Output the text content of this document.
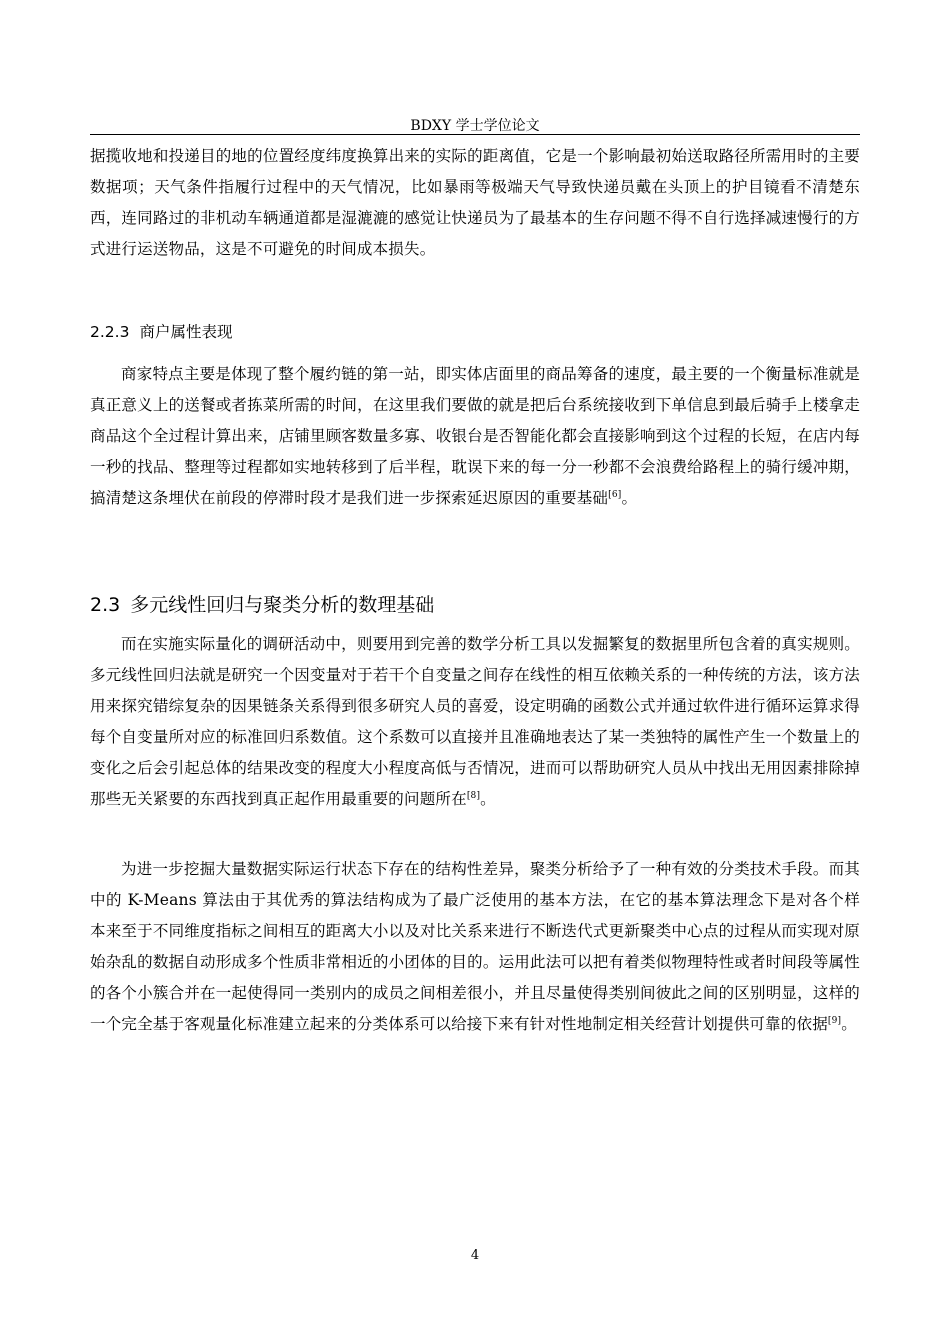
BDXY 学士学位论文
据揽收地和投递目的地的位置经度纬度换算出来的实际的距离值，它是一个影响最初始送取路径所需用时的主要数据项；天气条件指履行过程中的天气情况，比如暴雨等极端天气导致快递员戴在头顶上的护目镜看不清楚东西，连同路过的非机动车辆通道都是湿漉漉的感觉让快递员为了最基本的生存问题不得不自行选择减速慢行的方式进行运送物品，这是不可避免的时间成本损失。
2.2.3 商户属性表现
商家特点主要是体现了整个履约链的第一站，即实体店面里的商品筹备的速度，最主要的一个衡量标准就是真正意义上的送餐或者拣菜所需的时间，在这里我们要做的就是把后台系统接收到下单信息到最后骑手上楼拿走商品这个全过程计算出来，店铺里顾客数量多寡、收银台是否智能化都会直接影响到这个过程的长短，在店内每一秒的找品、整理等过程都如实地转移到了后半程，耽误下来的每一分一秒都不会浪费给路程上的骑行缓冲期，搞清楚这条埋伏在前段的停滞时段才是我们进一步探索延迟原因的重要基础[6]。
2.3 多元线性回归与聚类分析的数理基础
而在实施实际量化的调研活动中，则要用到完善的数学分析工具以发掘繁复的数据里所包含着的真实规则。多元线性回归法就是研究一个因变量对于若干个自变量之间存在线性的相互依赖关系的一种传统的方法，该方法用来探究错综复杂的因果链条关系得到很多研究人员的喜爱，设定明确的函数公式并通过软件进行循环运算求得每个自变量所对应的标准回归系数值。这个系数可以直接并且准确地表达了某一类独特的属性产生一个数量上的变化之后会引起总体的结果改变的程度大小程度高低与否情况，进而可以帮助研究人员从中找出无用因素排除掉那些无关紧要的东西找到真正起作用最重要的问题所在[8]。
为进一步挖掘大量数据实际运行状态下存在的结构性差异，聚类分析给予了一种有效的分类技术手段。而其中的 K-Means 算法由于其优秀的算法结构成为了最广泛使用的基本方法，在它的基本算法理念下是对各个样本来至于不同维度指标之间相互的距离大小以及对比关系来进行不断迭代式更新聚类中心点的过程从而实现对原始杂乱的数据自动形成多个性质非常相近的小团体的目的。运用此法可以把有着类似物理特性或者时间段等属性的各个小簇合并在一起使得同一类别内的成员之间相差很小，并且尽量使得类别间彼此之间的区别明显，这样的一个完全基于客观量化标准建立起来的分类体系可以给接下来有针对性地制定相关经营计划提供可靠的依据[9]。
4
